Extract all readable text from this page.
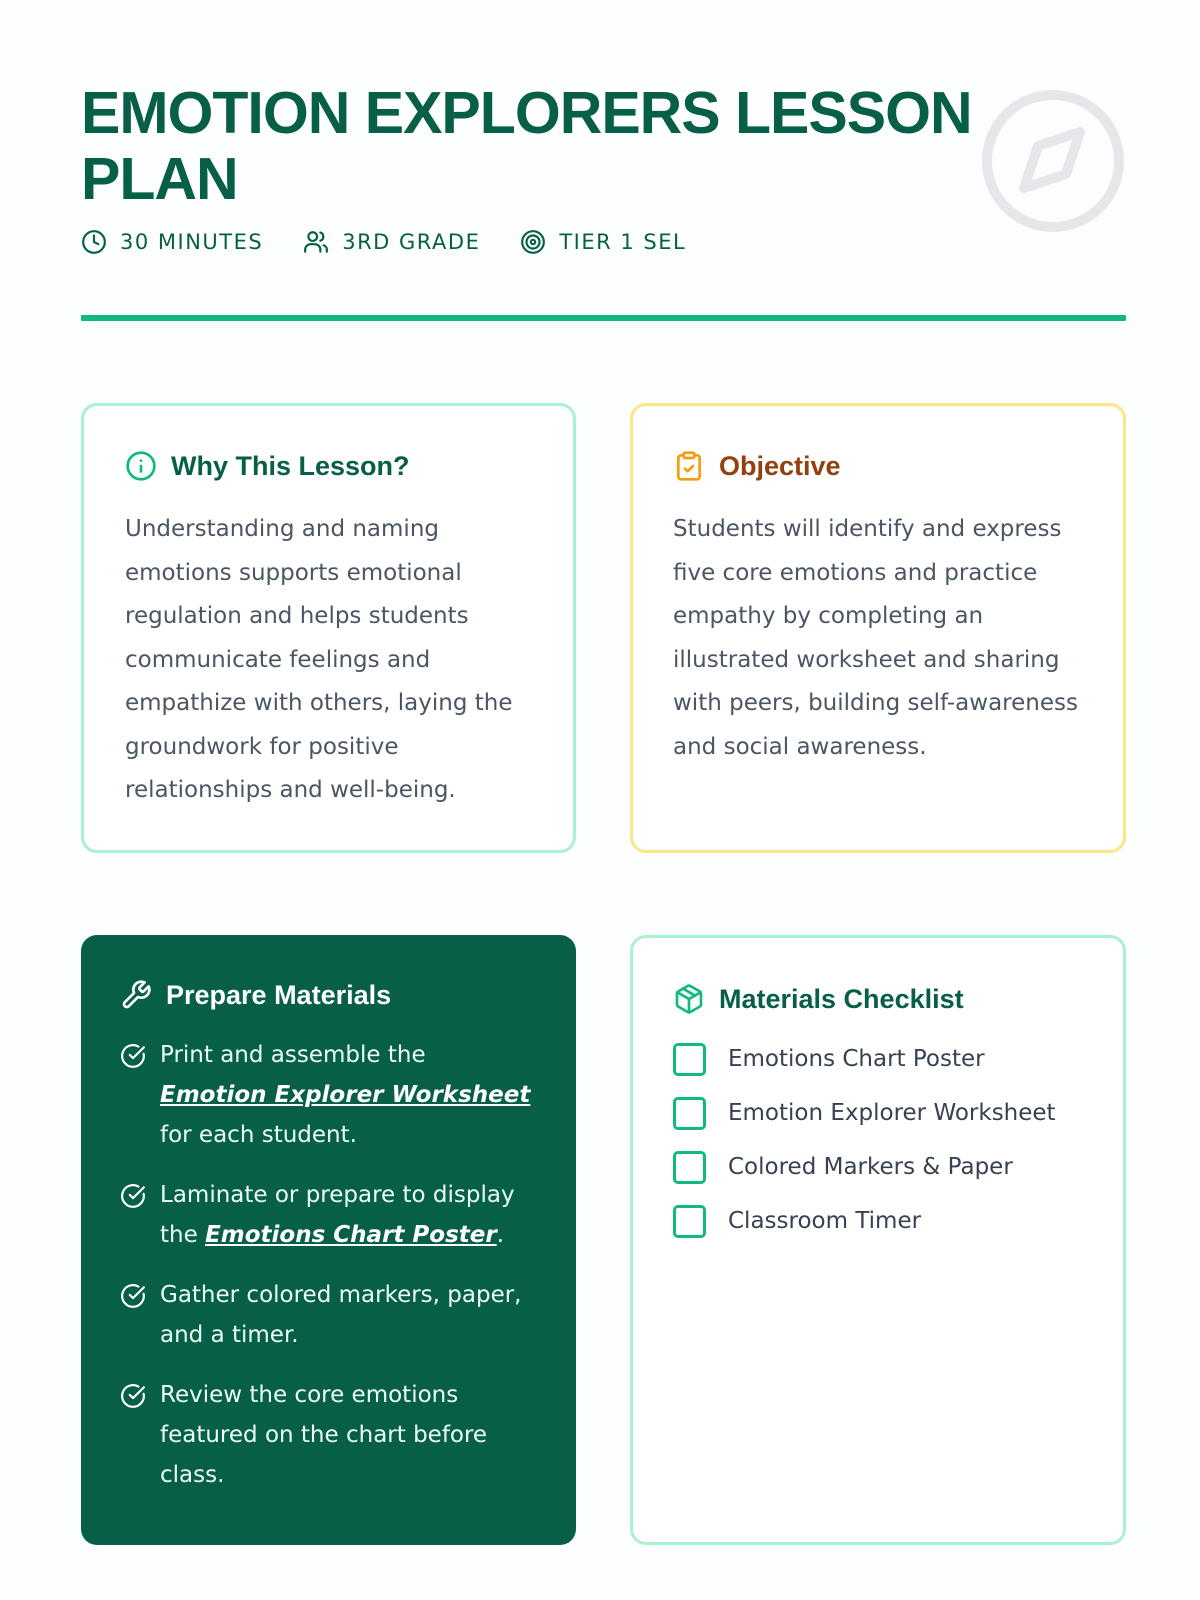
EMOTION EXPLORERS LESSON PLAN
30 MINUTES	3RD GRADE	TIER 1 SEL
Why This Lesson?

Understanding and naming emotions supports emotional regulation and helps students communicate feelings and empathize with others, laying the groundwork for positive relationships and well-being.

Objective

Students will identify and express five core emotions and practice empathy by completing an illustrated worksheet and sharing with peers, building self-awareness and social awareness.

Prepare Materials
Print and assemble the Emotion Explorer Worksheet for each student.
Laminate or prepare to display the Emotions Chart Poster.
Gather colored markers, paper, and a timer.
Review the core emotions featured on the chart before class.
Materials Checklist
Emotions Chart Poster
Emotion Explorer Worksheet
Colored Markers & Paper
Classroom Timer
